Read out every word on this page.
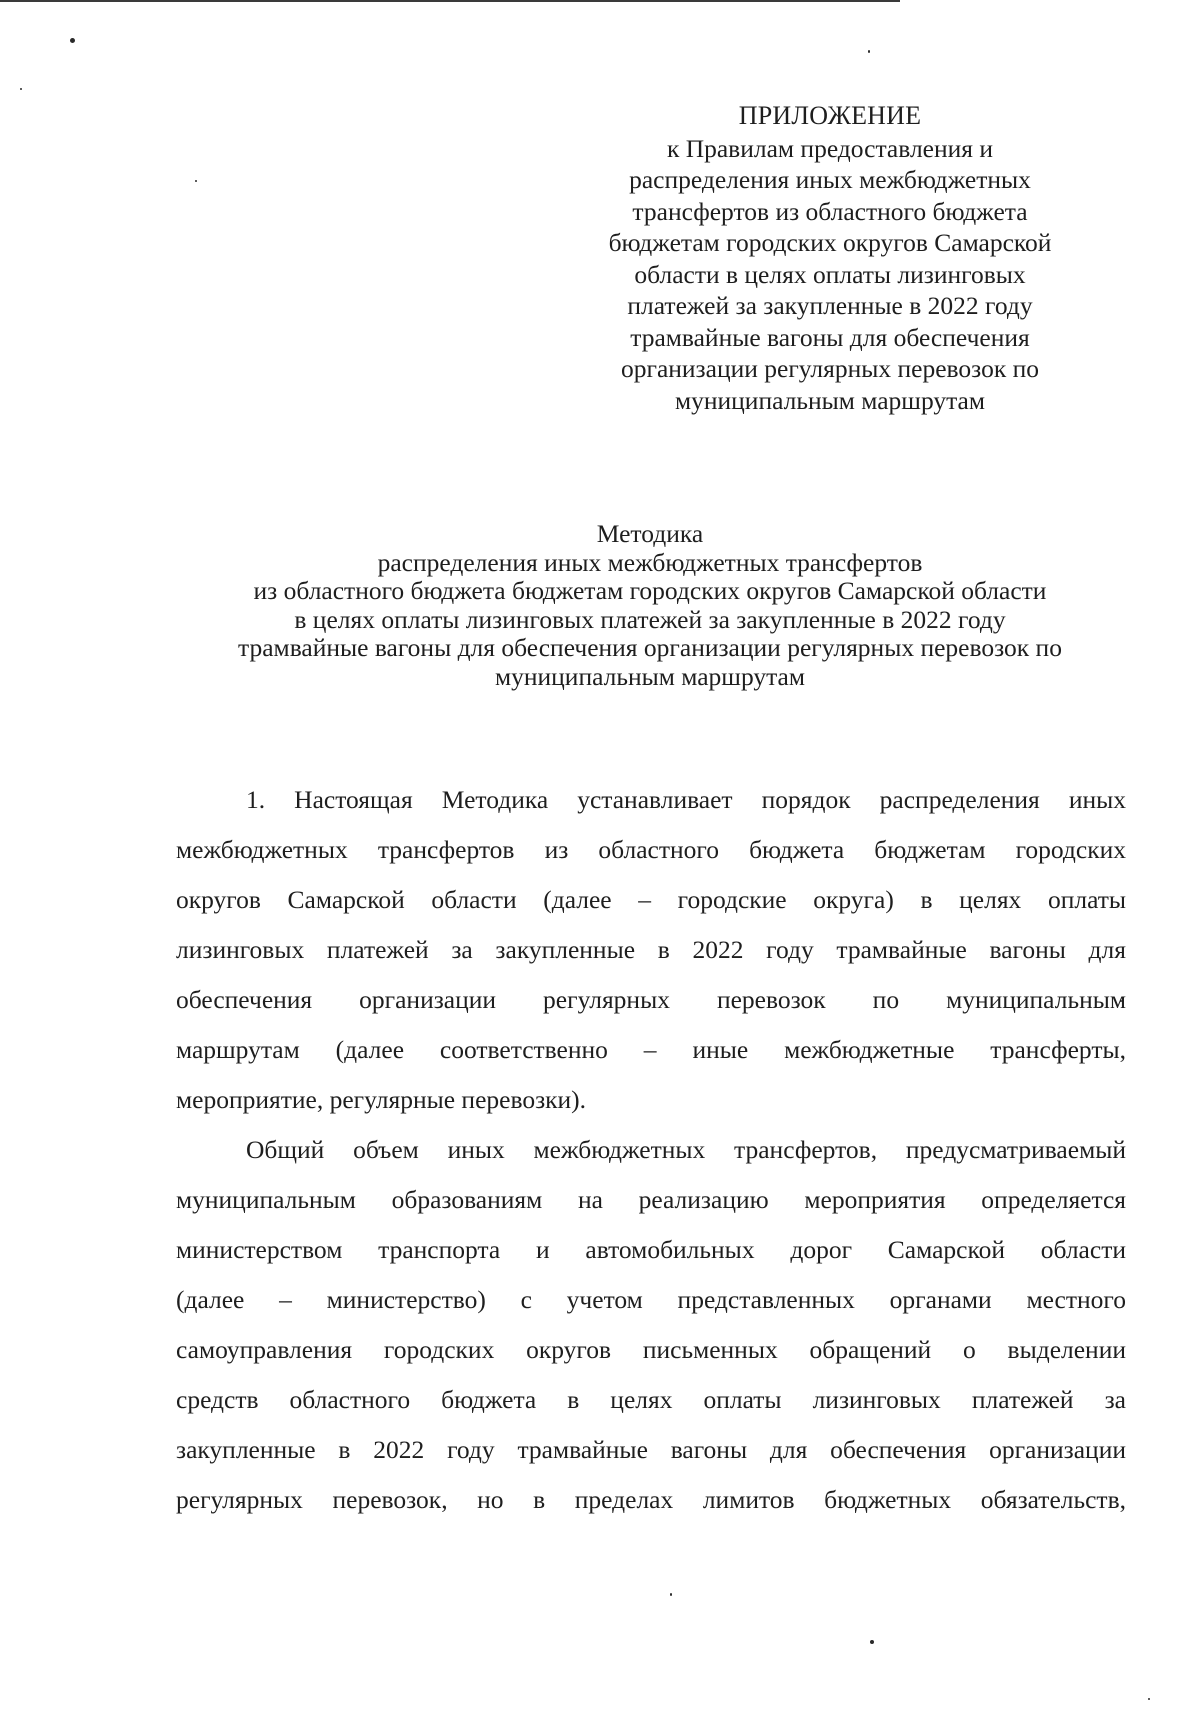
ПРИЛОЖЕНИЕ
к Правилам предоставления и
распределения иных межбюджетных
трансфертов из областного бюджета
бюджетам городских округов Самарской
области в целях оплаты лизинговых
платежей за закупленные в 2022 году
трамвайные вагоны для обеспечения
организации регулярных перевозок по
муниципальным маршрутам
Методика
распределения иных межбюджетных трансфертов
из областного бюджета бюджетам городских округов Самарской области
в целях оплаты лизинговых платежей за закупленные в 2022 году
трамвайные вагоны для обеспечения организации регулярных перевозок по
муниципальным маршрутам
1. Настоящая Методика устанавливает порядок распределения иных
межбюджетных трансфертов из областного бюджета бюджетам городских
округов Самарской области (далее – городские округа) в целях оплаты
лизинговых платежей за закупленные в 2022 году трамвайные вагоны для
обеспечения организации регулярных перевозок по муниципальным
маршрутам (далее соответственно – иные межбюджетные трансферты,
мероприятие, регулярные перевозки).
Общий объем иных межбюджетных трансфертов, предусматриваемый
муниципальным образованиям на реализацию мероприятия определяется
министерством транспорта и автомобильных дорог Самарской области
(далее – министерство) с учетом представленных органами местного
самоуправления городских округов письменных обращений о выделении
средств областного бюджета в целях оплаты лизинговых платежей за
закупленные в 2022 году трамвайные вагоны для обеспечения организации
регулярных перевозок, но в пределах лимитов бюджетных обязательств,
